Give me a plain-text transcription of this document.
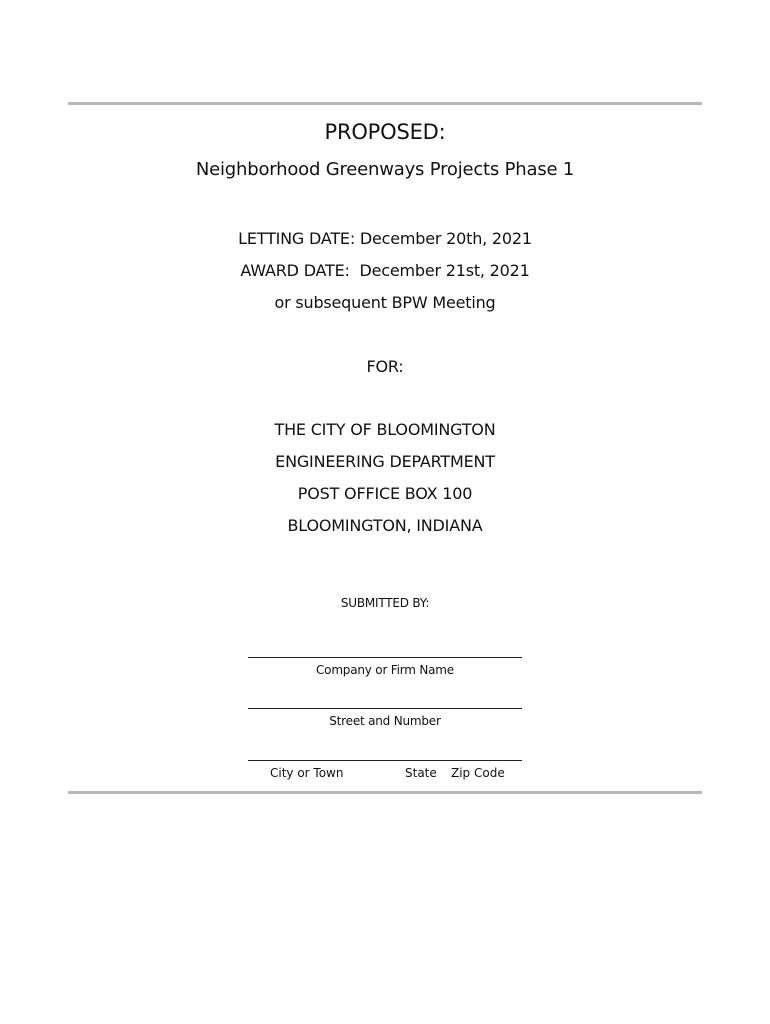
PROPOSED:
Neighborhood Greenways Projects Phase 1
LETTING DATE: December 20th, 2021
AWARD DATE:  December 21st, 2021
or subsequent BPW Meeting
FOR:
THE CITY OF BLOOMINGTON
ENGINEERING DEPARTMENT
POST OFFICE BOX 100
BLOOMINGTON, INDIANA
SUBMITTED BY:
Company or Firm Name
Street and Number
City or Town	State Zip Code
